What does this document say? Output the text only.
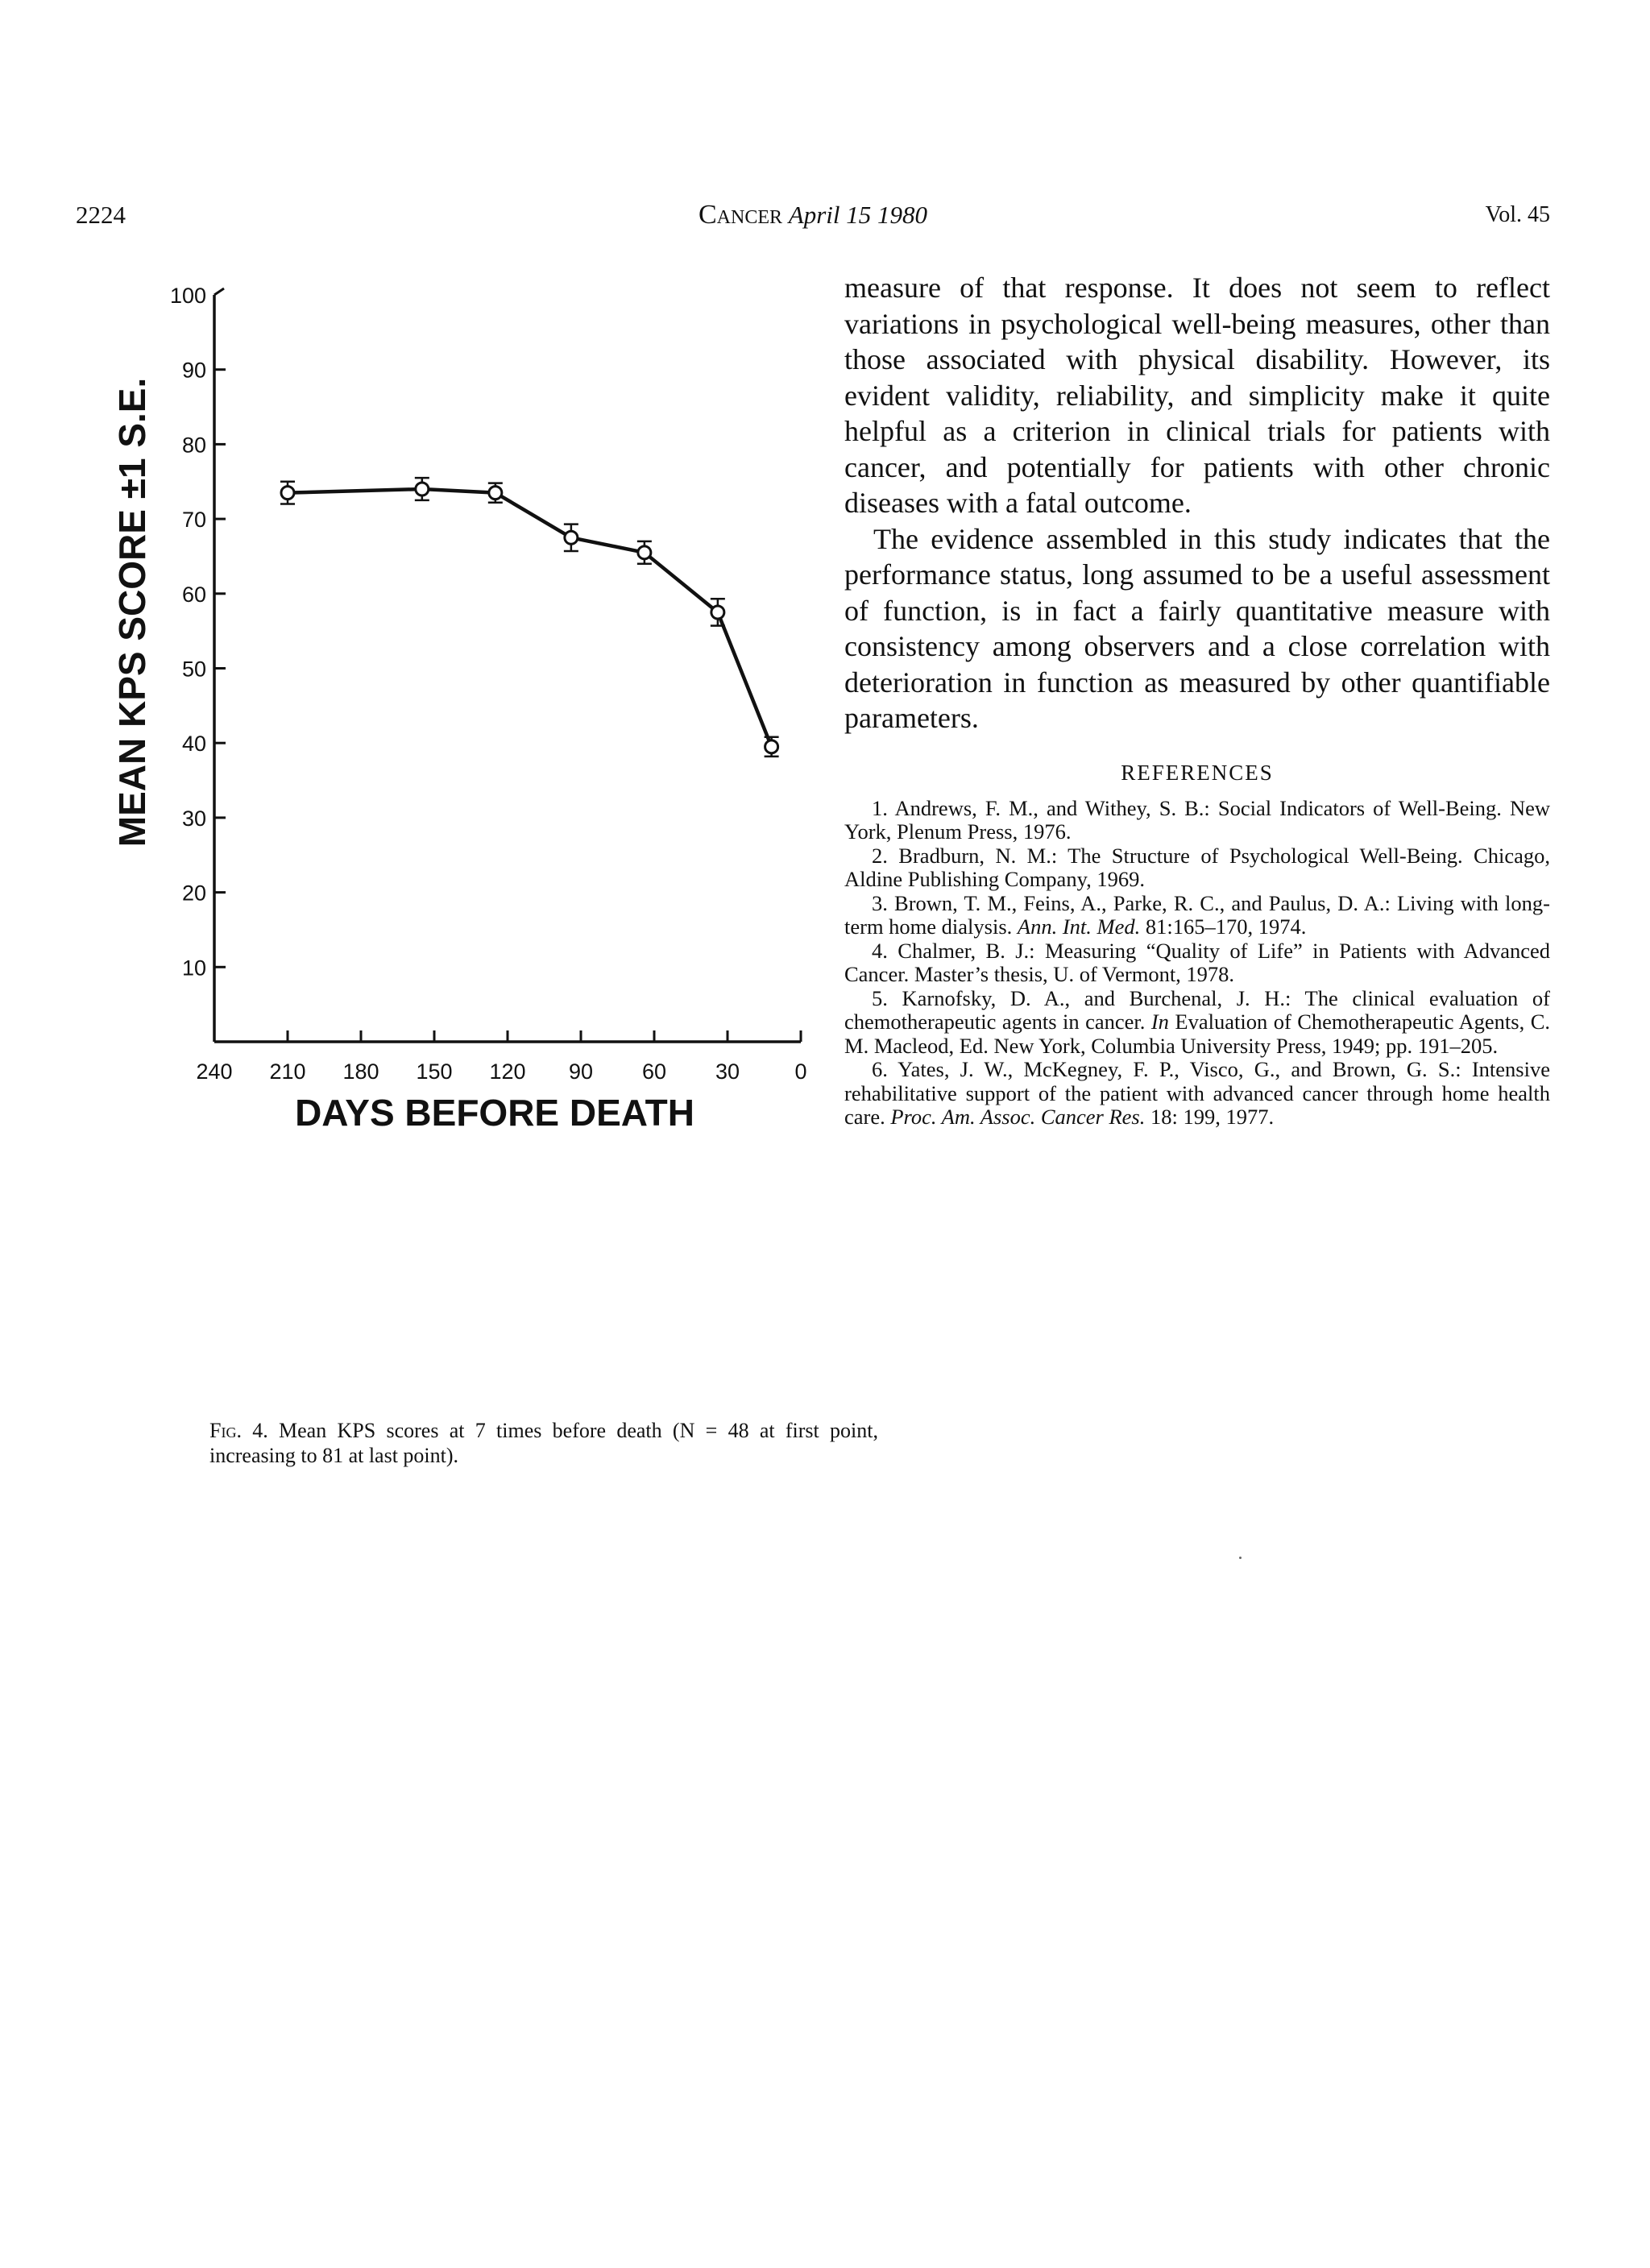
2224	Cancer April 15 1980	Vol. 45
10
20
30
40
50
60
70
80
90
100
240 210 180 150 120 90 60 30	0
MEAN KPS SCORE ±1 S.E.
DAYS BEFORE DEATH
Fig. 4. Mean KPS scores at 7 times before death (N = 48 at first point, increasing to 81 at last point).

measure of that response. It does not seem to reflect variations in psychological well-being measures, other than those associated with physical disability. However, its evident validity, reliability, and simplicity make it quite helpful as a criterion in clinical trials for patients with cancer, and potentially for patients with other chronic diseases with a fatal outcome.

The evidence assembled in this study indicates that the performance status, long assumed to be a useful assessment of function, is in fact a fairly quantitative measure with consistency among observers and a close correlation with deterioration in function as measured by other quantifiable parameters.

REFERENCES

1. Andrews, F. M., and Withey, S. B.: Social Indicators of Well-Being. New York, Plenum Press, 1976.

2. Bradburn, N. M.: The Structure of Psychological Well-Being. Chicago, Aldine Publishing Company, 1969.

3. Brown, T. M., Feins, A., Parke, R. C., and Paulus, D. A.: Living with long-term home dialysis. Ann. Int. Med. 81:165–170, 1974.

4. Chalmer, B. J.: Measuring “Quality of Life” in Patients with Advanced Cancer. Master’s thesis, U. of Vermont, 1978.

5. Karnofsky, D. A., and Burchenal, J. H.: The clinical evaluation of chemotherapeutic agents in cancer. In Evaluation of Chemotherapeutic Agents, C. M. Macleod, Ed. New York, Columbia University Press, 1949; pp. 191–205.

6. Yates, J. W., McKegney, F. P., Visco, G., and Brown, G. S.: Intensive rehabilitative support of the patient with advanced cancer through home health care. Proc. Am. Assoc. Cancer Res. 18: 199, 1977.
